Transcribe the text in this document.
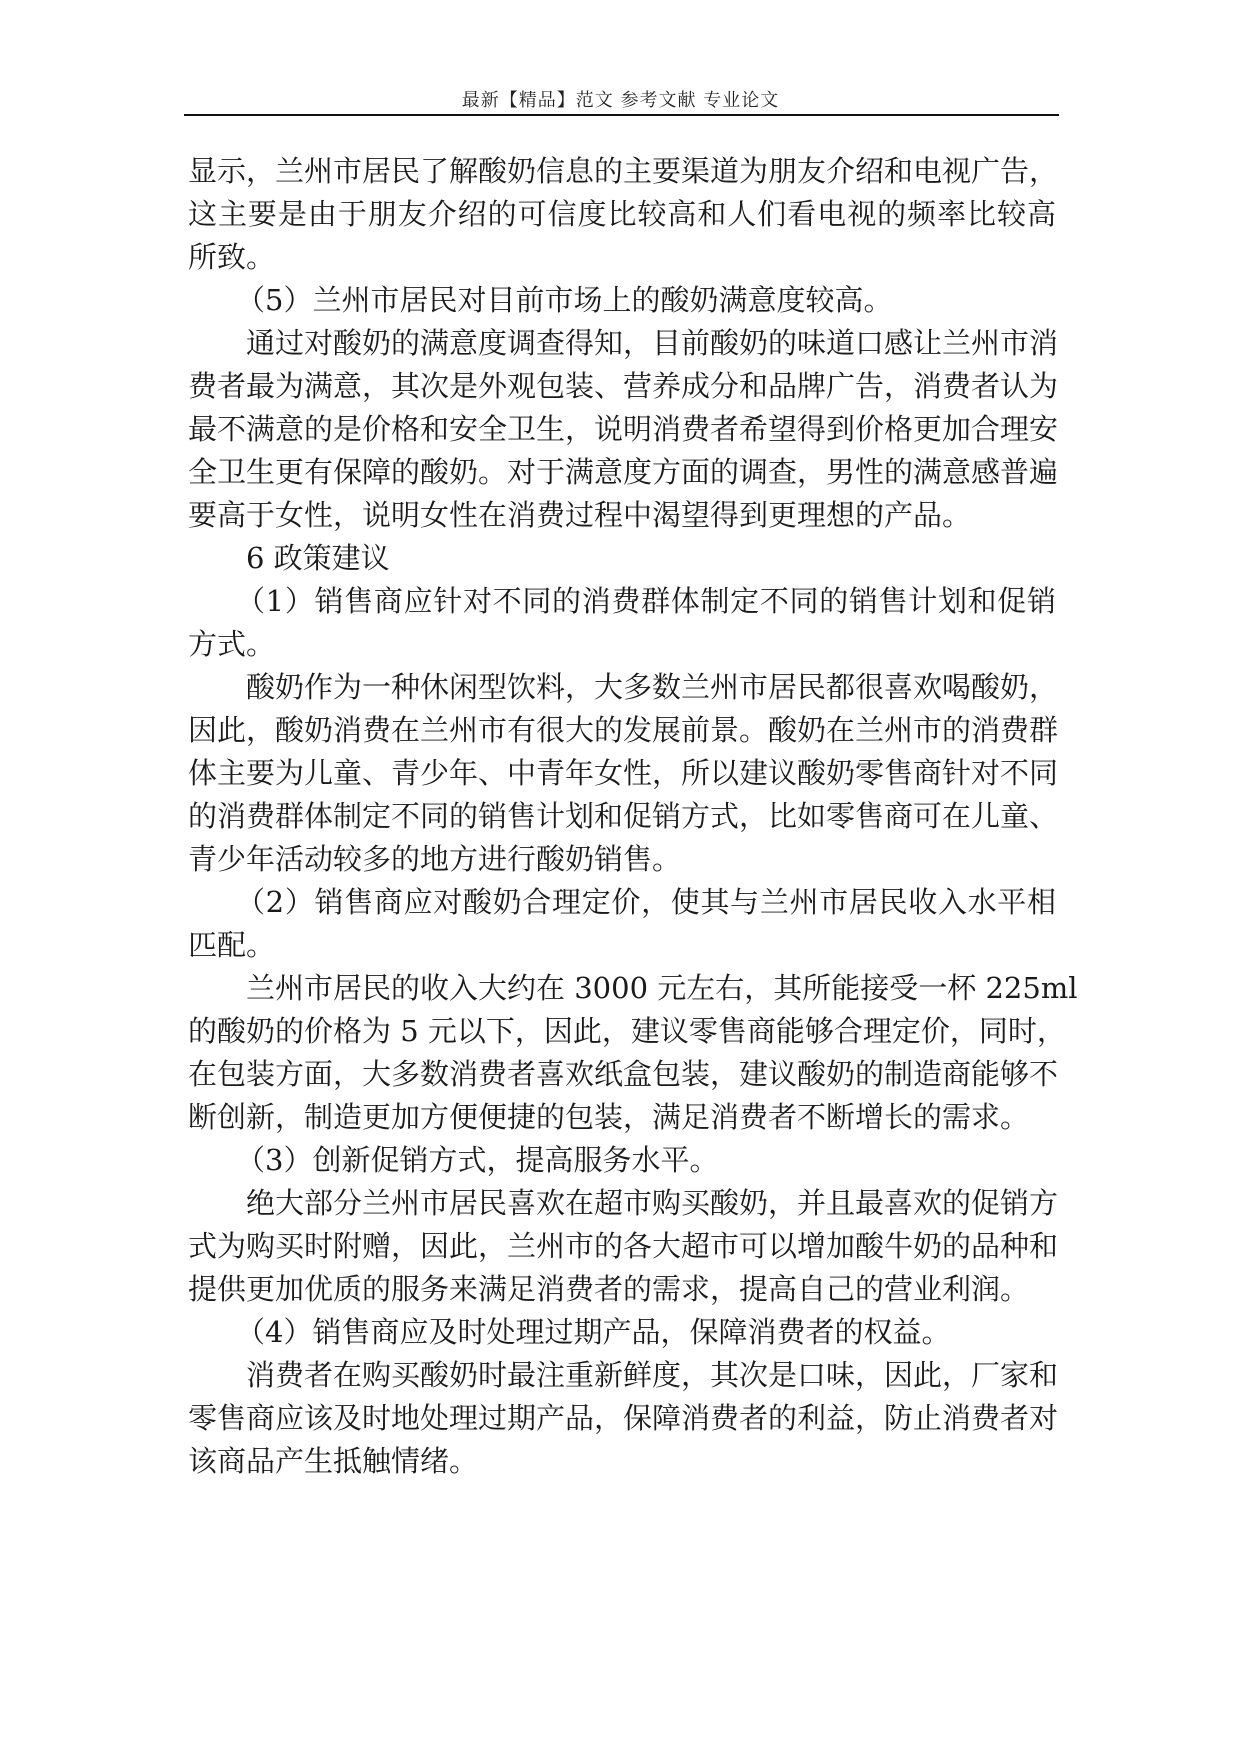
最新【精品】范文 参考文献 专业论文
显示，兰州市居民了解酸奶信息的主要渠道为朋友介绍和电视广告，
这主要是由于朋友介绍的可信度比较高和人们看电视的频率比较高
所致。
（5）兰州市居民对目前市场上的酸奶满意度较高。
通过对酸奶的满意度调查得知，目前酸奶的味道口感让兰州市消
费者最为满意，其次是外观包装、营养成分和品牌广告，消费者认为
最不满意的是价格和安全卫生，说明消费者希望得到价格更加合理安
全卫生更有保障的酸奶。对于满意度方面的调查，男性的满意感普遍
要高于女性，说明女性在消费过程中渴望得到更理想的产品。
6 政策建议
（1）销售商应针对不同的消费群体制定不同的销售计划和促销
方式。
酸奶作为一种休闲型饮料，大多数兰州市居民都很喜欢喝酸奶，
因此，酸奶消费在兰州市有很大的发展前景。酸奶在兰州市的消费群
体主要为儿童、青少年、中青年女性，所以建议酸奶零售商针对不同
的消费群体制定不同的销售计划和促销方式，比如零售商可在儿童、
青少年活动较多的地方进行酸奶销售。
（2）销售商应对酸奶合理定价，使其与兰州市居民收入水平相
匹配。
兰州市居民的收入大约在 3000 元左右，其所能接受一杯 225ml
的酸奶的价格为 5 元以下，因此，建议零售商能够合理定价，同时，
在包装方面，大多数消费者喜欢纸盒包装，建议酸奶的制造商能够不
断创新，制造更加方便便捷的包装，满足消费者不断增长的需求。
（3）创新促销方式，提高服务水平。
绝大部分兰州市居民喜欢在超市购买酸奶，并且最喜欢的促销方
式为购买时附赠，因此，兰州市的各大超市可以增加酸牛奶的品种和
提供更加优质的服务来满足消费者的需求，提高自己的营业利润。
（4）销售商应及时处理过期产品，保障消费者的权益。
消费者在购买酸奶时最注重新鲜度，其次是口味，因此，厂家和
零售商应该及时地处理过期产品，保障消费者的利益，防止消费者对
该商品产生抵触情绪。
